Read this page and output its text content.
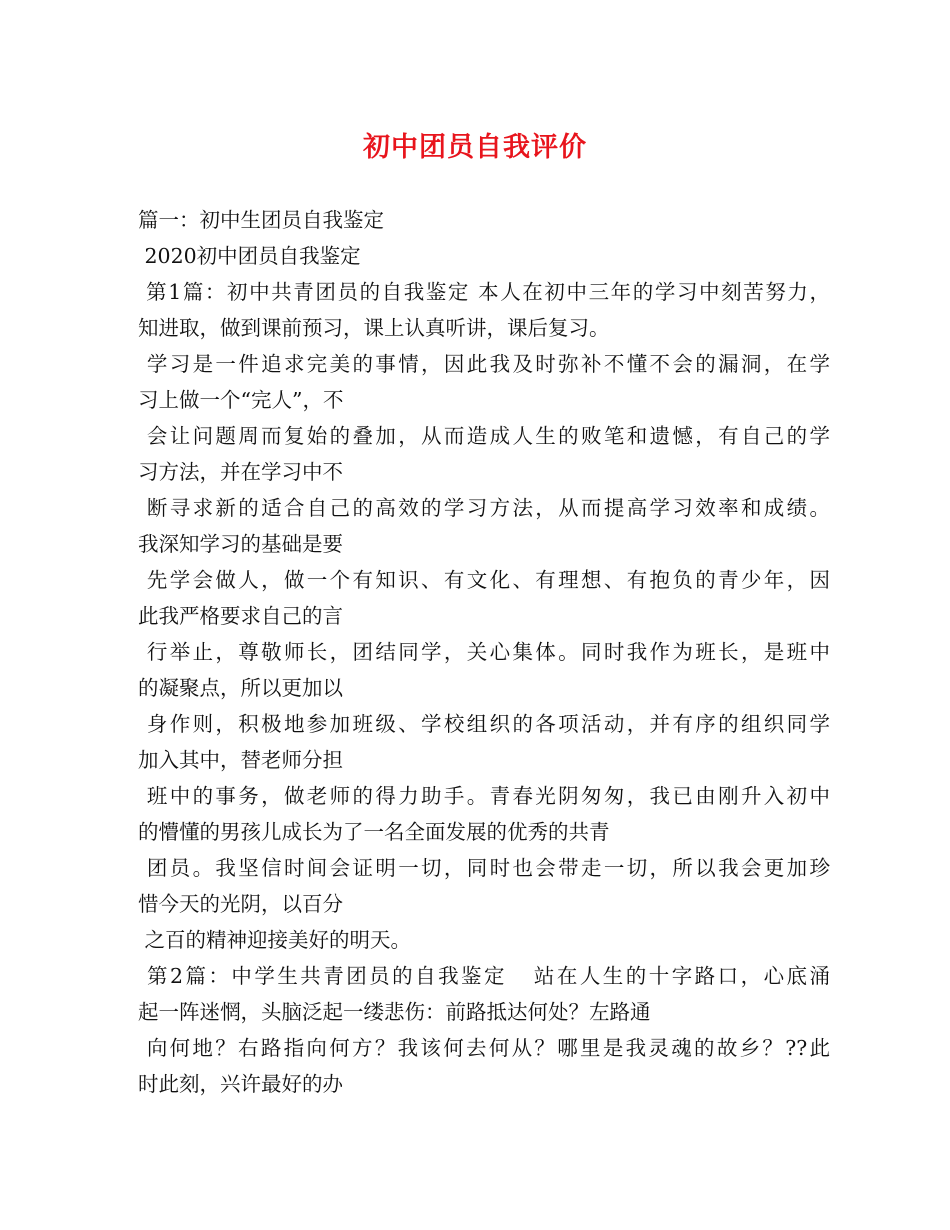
初中团员自我评价
篇一：初中生团员自我鉴定
2020初中团员自我鉴定
第1篇：初中共青团员的自我鉴定 本人在初中三年的学习中刻苦努力，
知进取，做到课前预习，课上认真听讲，课后复习。
学习是一件追求完美的事情，因此我及时弥补不懂不会的漏洞，在学
习上做一个“完人”，不
会让问题周而复始的叠加，从而造成人生的败笔和遗憾，有自己的学
习方法，并在学习中不
断寻求新的适合自己的高效的学习方法，从而提高学习效率和成绩。
我深知学习的基础是要
先学会做人，做一个有知识、有文化、有理想、有抱负的青少年，因
此我严格要求自己的言
行举止，尊敬师长，团结同学，关心集体。同时我作为班长，是班中
的凝聚点，所以更加以
身作则，积极地参加班级、学校组织的各项活动，并有序的组织同学
加入其中，替老师分担
班中的事务，做老师的得力助手。青春光阴匆匆，我已由刚升入初中
的懵懂的男孩儿成长为了一名全面发展的优秀的共青
团员。我坚信时间会证明一切，同时也会带走一切，所以我会更加珍
惜今天的光阴，以百分
之百的精神迎接美好的明天。
第2篇：中学生共青团员的自我鉴定   站在人生的十字路口，心底涌
起一阵迷惘，头脑泛起一缕悲伤：前路抵达何处？左路通
向何地？右路指向何方？我该何去何从？哪里是我灵魂的故乡？??此
时此刻，兴许最好的办
